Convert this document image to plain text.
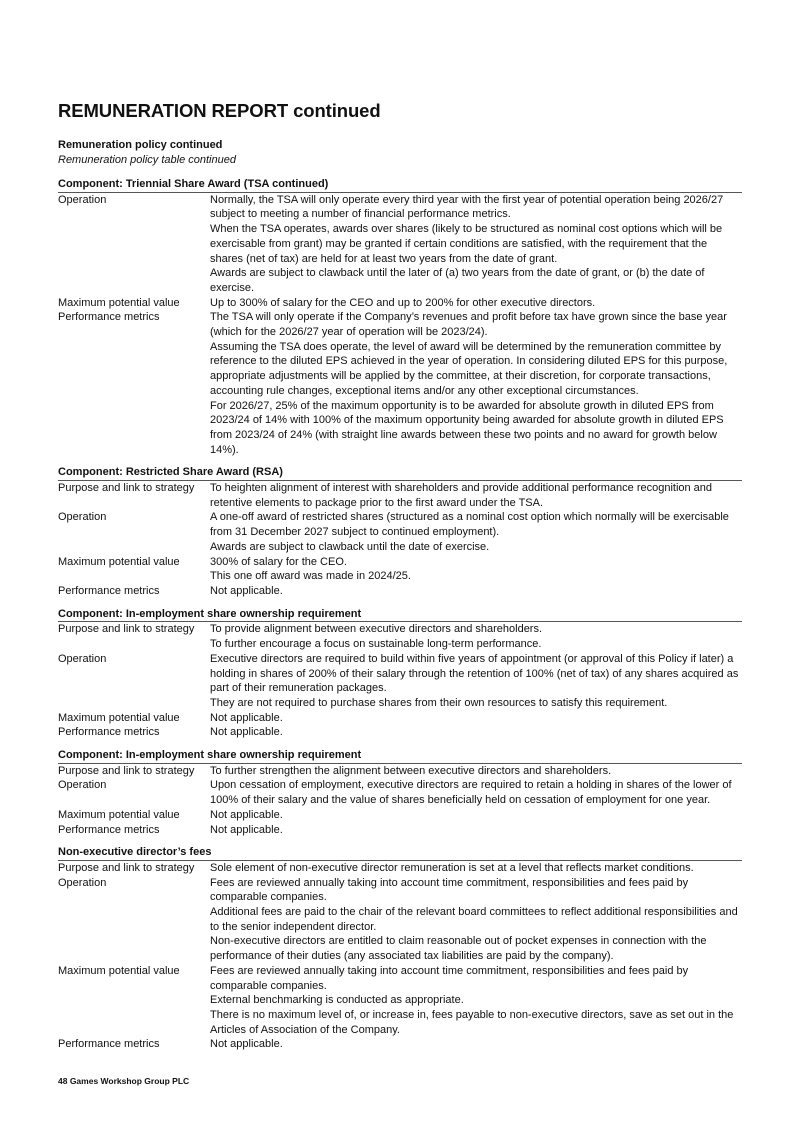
REMUNERATION REPORT continued
Remuneration policy continued
Remuneration policy table continued
Component: Triennial Share Award (TSA continued)
Operation	Normally, the TSA will only operate every third year with the first year of potential operation being 2026/27 subject to meeting a number of financial performance metrics.

When the TSA operates, awards over shares (likely to be structured as nominal cost options which will be exercisable from grant) may be granted if certain conditions are satisfied, with the requirement that the shares (net of tax) are held for at least two years from the date of grant.

Awards are subject to clawback until the later of (a) two years from the date of grant, or (b) the date of exercise.

Maximum potential value	Up to 300% of salary for the CEO and up to 200% for other executive directors.

Performance metrics	The TSA will only operate if the Company’s revenues and profit before tax have grown since the base year (which for the 2026/27 year of operation will be 2023/24).

Assuming the TSA does operate, the level of award will be determined by the remuneration committee by reference to the diluted EPS achieved in the year of operation. In considering diluted EPS for this purpose, appropriate adjustments will be applied by the committee, at their discretion, for corporate transactions, accounting rule changes, exceptional items and/or any other exceptional circumstances.

For 2026/27, 25% of the maximum opportunity is to be awarded for absolute growth in diluted EPS from 2023/24 of 14% with 100% of the maximum opportunity being awarded for absolute growth in diluted EPS from 2023/24 of 24% (with straight line awards between these two points and no award for growth below 14%).

Component: Restricted Share Award (RSA)
Purpose and link to strategy	To heighten alignment of interest with shareholders and provide additional performance recognition and retentive elements to package prior to the first award under the TSA.

Operation	A one-off award of restricted shares (structured as a nominal cost option which normally will be exercisable from 31 December 2027 subject to continued employment).

Awards are subject to clawback until the date of exercise.

Maximum potential value	300% of salary for the CEO.

This one off award was made in 2024/25.

Performance metrics	Not applicable.

Component: In-employment share ownership requirement
Purpose and link to strategy	To provide alignment between executive directors and shareholders.

To further encourage a focus on sustainable long-term performance.

Operation	Executive directors are required to build within five years of appointment (or approval of this Policy if later) a holding in shares of 200% of their salary through the retention of 100% (net of tax) of any shares acquired as part of their remuneration packages.

They are not required to purchase shares from their own resources to satisfy this requirement.

Maximum potential value	Not applicable.

Performance metrics	Not applicable.

Component: In-employment share ownership requirement
Purpose and link to strategy	To further strengthen the alignment between executive directors and shareholders.

Operation	Upon cessation of employment, executive directors are required to retain a holding in shares of the lower of 100% of their salary and the value of shares beneficially held on cessation of employment for one year.

Maximum potential value	Not applicable.

Performance metrics	Not applicable.

Non-executive director’s fees
Purpose and link to strategy	Sole element of non-executive director remuneration is set at a level that reflects market conditions.

Operation	Fees are reviewed annually taking into account time commitment, responsibilities and fees paid by comparable companies.

Additional fees are paid to the chair of the relevant board committees to reflect additional responsibilities and to the senior independent director.

Non-executive directors are entitled to claim reasonable out of pocket expenses in connection with the performance of their duties (any associated tax liabilities are paid by the company).

Maximum potential value	Fees are reviewed annually taking into account time commitment, responsibilities and fees paid by comparable companies.

External benchmarking is conducted as appropriate.

There is no maximum level of, or increase in, fees payable to non-executive directors, save as set out in the Articles of Association of the Company.

Performance metrics	Not applicable.

48 Games Workshop Group PLC
